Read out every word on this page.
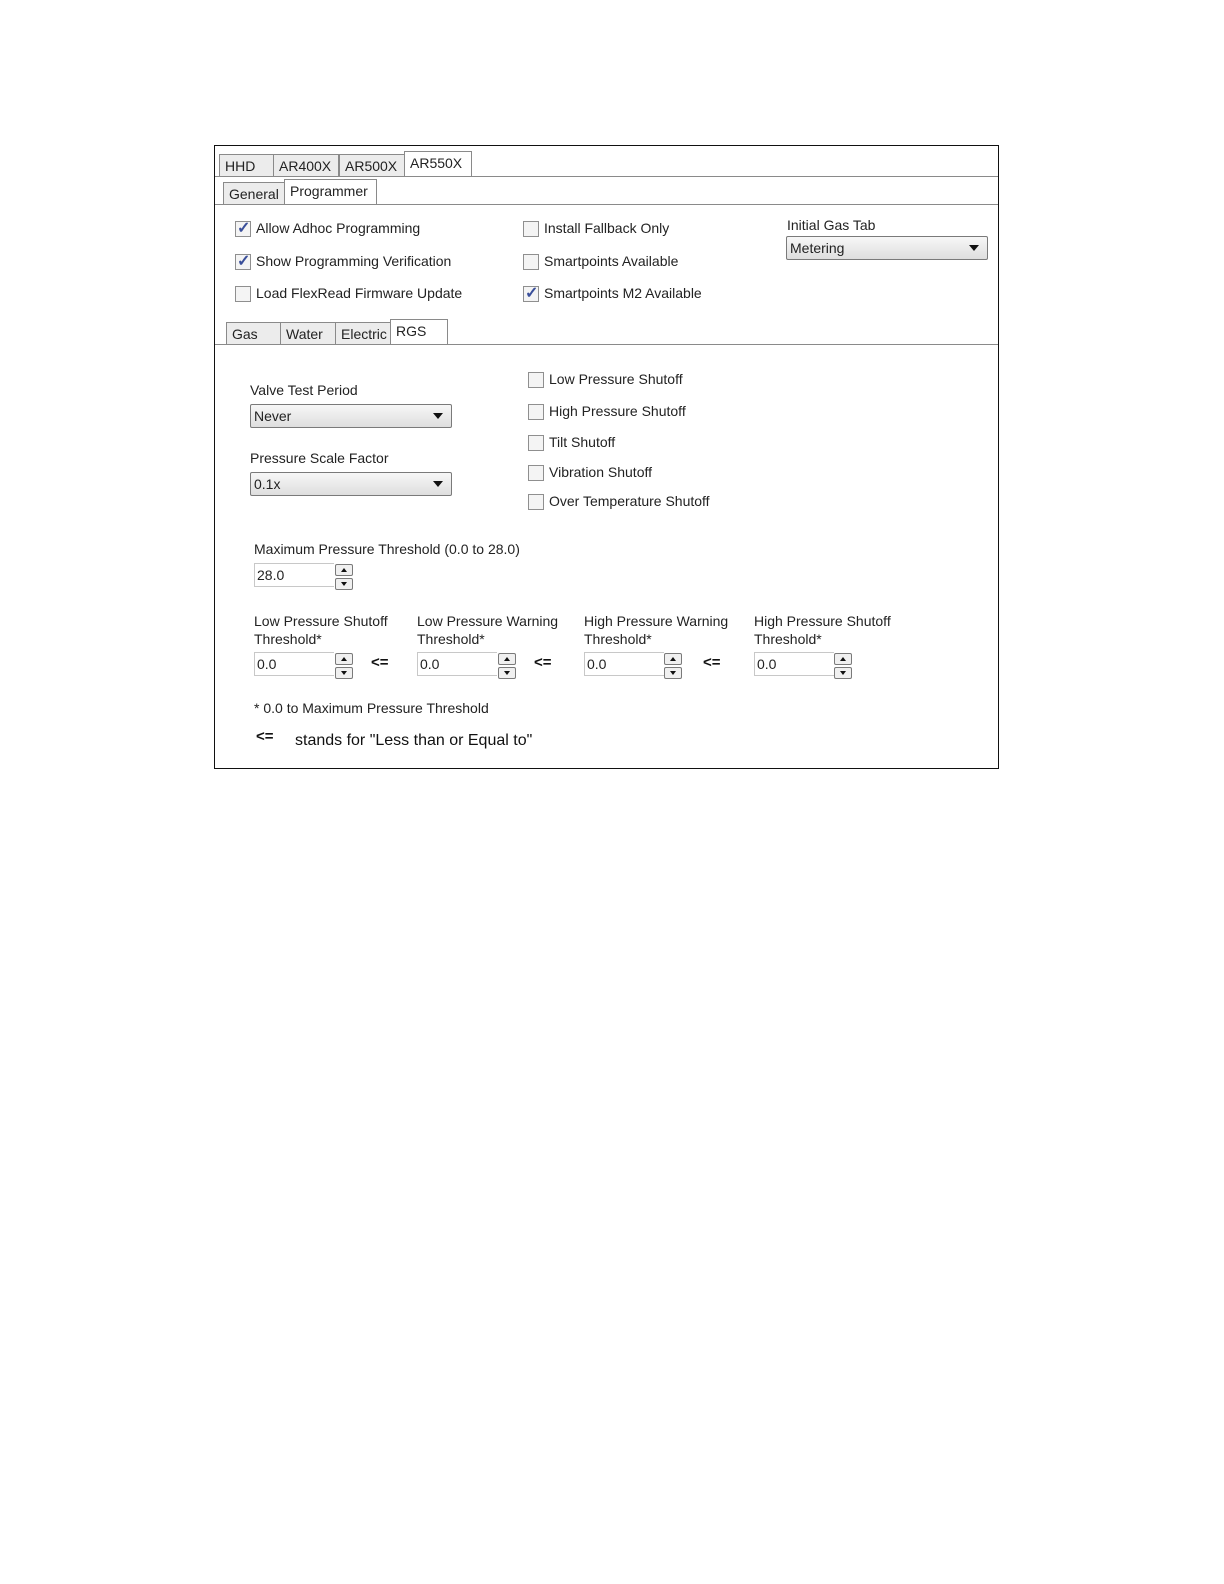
HHD	AR400X AR500X AR550X
General Programmer
✓ Allow Adhoc Programming
✓ Show Programming Verification
Load FlexRead Firmware Update
Install Fallback Only
Smartpoints Available
✓ Smartpoints M2 Available
Initial Gas Tab
Metering
Gas	Water	Electric RGS
Valve Test Period
Never
Pressure Scale Factor
0.1x
Low Pressure Shutoff
High Pressure Shutoff
Tilt Shutoff
Vibration Shutoff
Over Temperature Shutoff
Maximum Pressure Threshold (0.0 to 28.0)
28.0
Low Pressure Shutoff
Threshold*
0.0	<=
Low Pressure Warning
Threshold*
0.0	<=
High Pressure Warning
Threshold*
0.0	<=
High Pressure Shutoff
Threshold*
0.0
* 0.0 to Maximum Pressure Threshold
<= stands for "Less than or Equal to"
